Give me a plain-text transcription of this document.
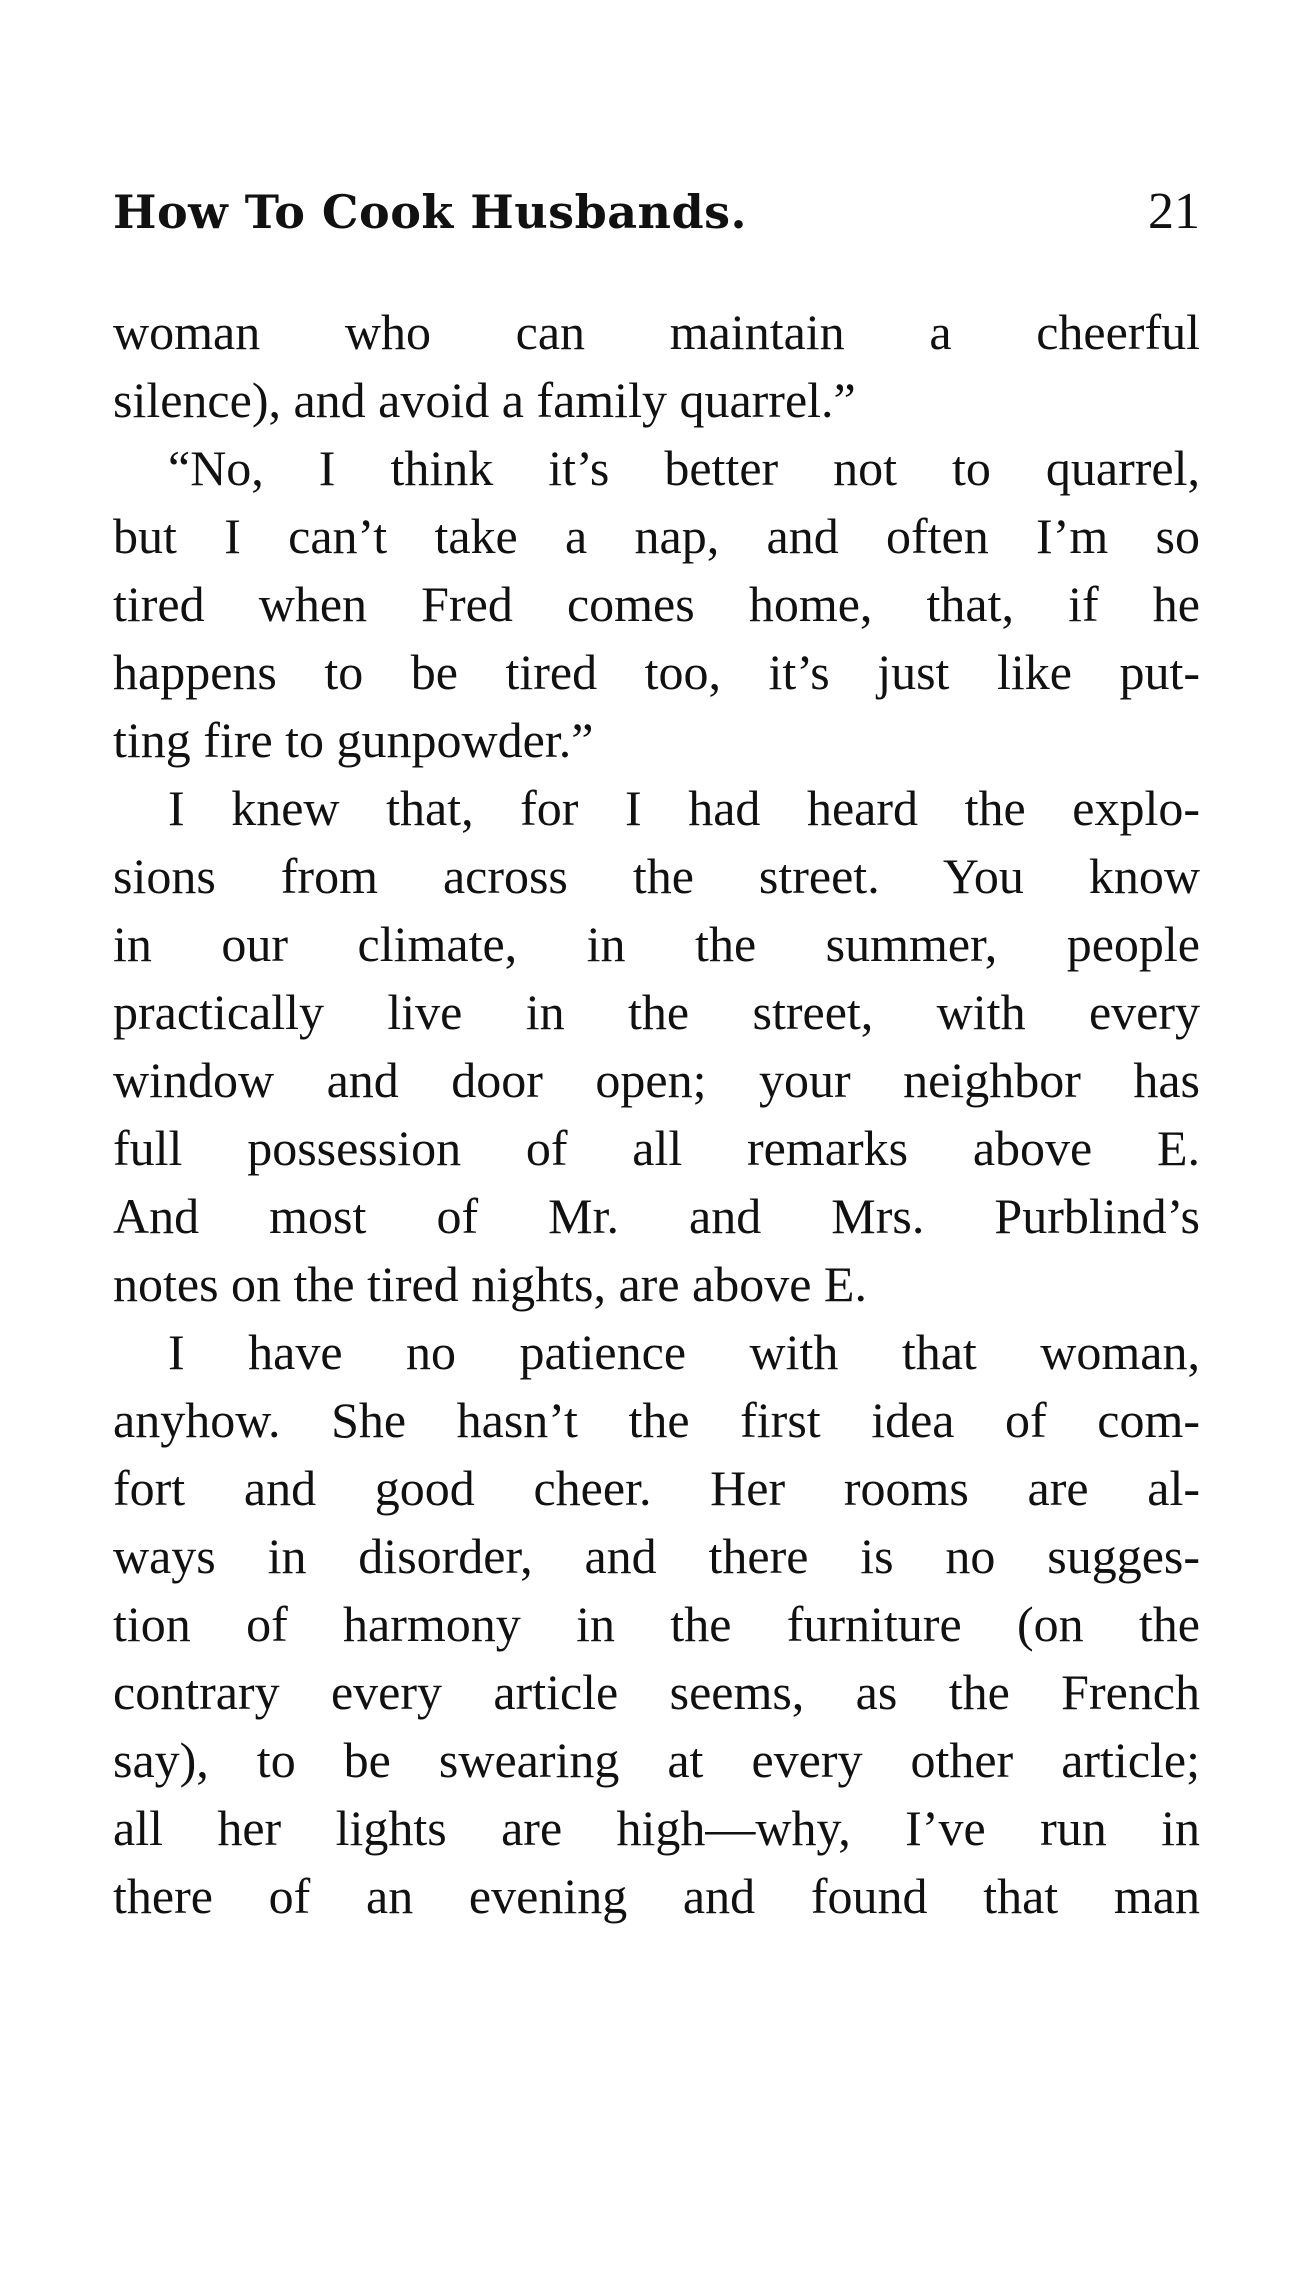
How To Cook Husbands.	21

woman who can maintain a cheerful
silence), and avoid a family quarrel.”

“No, I think it’s better not to quarrel,
but I can’t take a nap, and often I’m so
tired when Fred comes home, that, if he
happens to be tired too, it’s just like put-
ting fire to gunpowder.”

I knew that, for I had heard the explo-
sions from across the street. You know
in our climate, in the summer, people
practically live in the street, with every
window and door open; your neighbor has
full possession of all remarks above E.
And most of Mr. and Mrs. Purblind’s
notes on the tired nights, are above E.

I have no patience with that woman,
anyhow. She hasn’t the first idea of com-
fort and good cheer. Her rooms are al-
ways in disorder, and there is no sugges-
tion of harmony in the furniture (on the
contrary every article seems, as the French
say), to be swearing at every other article;
all her lights are high—why, I’ve run in
there of an evening and found that man
